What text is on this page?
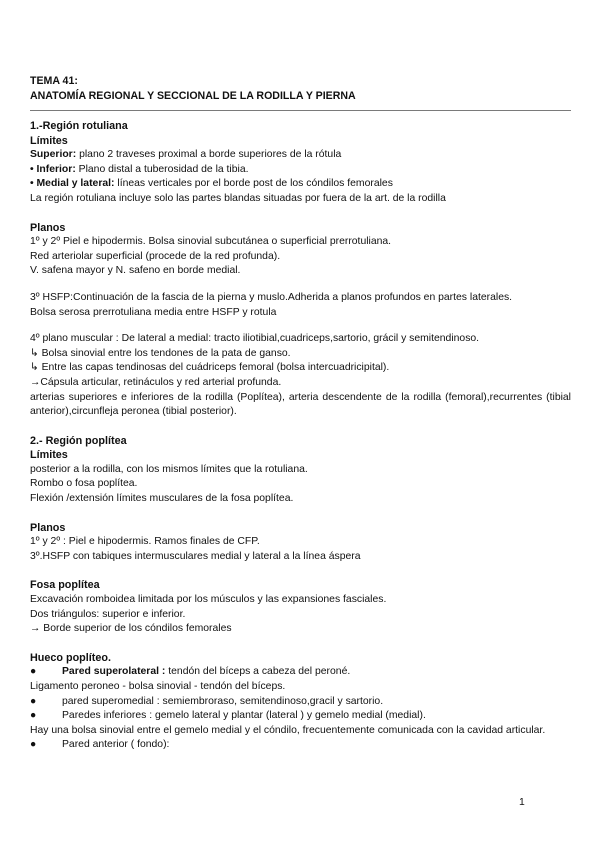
TEMA 41:
ANATOMÍA REGIONAL Y SECCIONAL DE LA RODILLA Y PIERNA
1.-Región rotuliana
Límites
Superior: plano 2 traveses proximal a borde superiores de la rótula
• Inferior: Plano distal a tuberosidad de la tibia.
• Medial y lateral: líneas verticales por el borde post de los cóndilos femorales
La región rotuliana incluye solo las partes blandas situadas por fuera de la art. de la rodilla
Planos
1º y 2º Piel e hipodermis. Bolsa sinovial subcutánea o superficial prerrotuliana.
Red arteriolar superficial (procede de la red profunda).
V. safena mayor y N. safeno en borde medial.
3º HSFP:Continuación de la fascia de la pierna y muslo.Adherida a planos profundos en partes laterales.
Bolsa serosa prerrotuliana media entre HSFP y rotula
4º plano muscular : De lateral a medial: tracto iliotibial,cuadriceps,sartorio, grácil y semitendinoso.
↳ Bolsa sinovial entre los tendones de la pata de ganso.
↳ Entre las capas tendinosas del cuádriceps femoral (bolsa intercuadricipital).
→Cápsula articular, retináculos y red arterial profunda.
arterias superiores e inferiores de la rodilla (Poplítea), arteria descendente de la rodilla (femoral),recurrentes (tibial anterior),circunfleja peronea (tibial posterior).
2.- Región poplítea
Límites
posterior a la rodilla, con los mismos límites que la rotuliana.
Rombo o fosa poplítea.
Flexión /extensión límites musculares de la fosa poplítea.
Planos
1º y 2º : Piel e hipodermis. Ramos finales de CFP.
3º.HSFP con tabiques intermusculares medial y lateral a la línea áspera
Fosa poplítea
Excavación romboidea limitada por los músculos y las expansiones fasciales.
Dos triángulos: superior e inferior.
→ Borde superior de los cóndilos femorales
Hueco poplíteo.
● Pared superolateral : tendón del bíceps a cabeza del peroné.
Ligamento peroneo - bolsa sinovial - tendón del bíceps.
● pared superomedial : semiembroraso, semitendinoso,gracil y sartorio.
● Paredes inferiores : gemelo lateral y plantar (lateral ) y gemelo medial (medial).
Hay una bolsa sinovial entre el gemelo medial y el cóndilo, frecuentemente comunicada con la cavidad articular.
● Pared anterior ( fondo):
1
